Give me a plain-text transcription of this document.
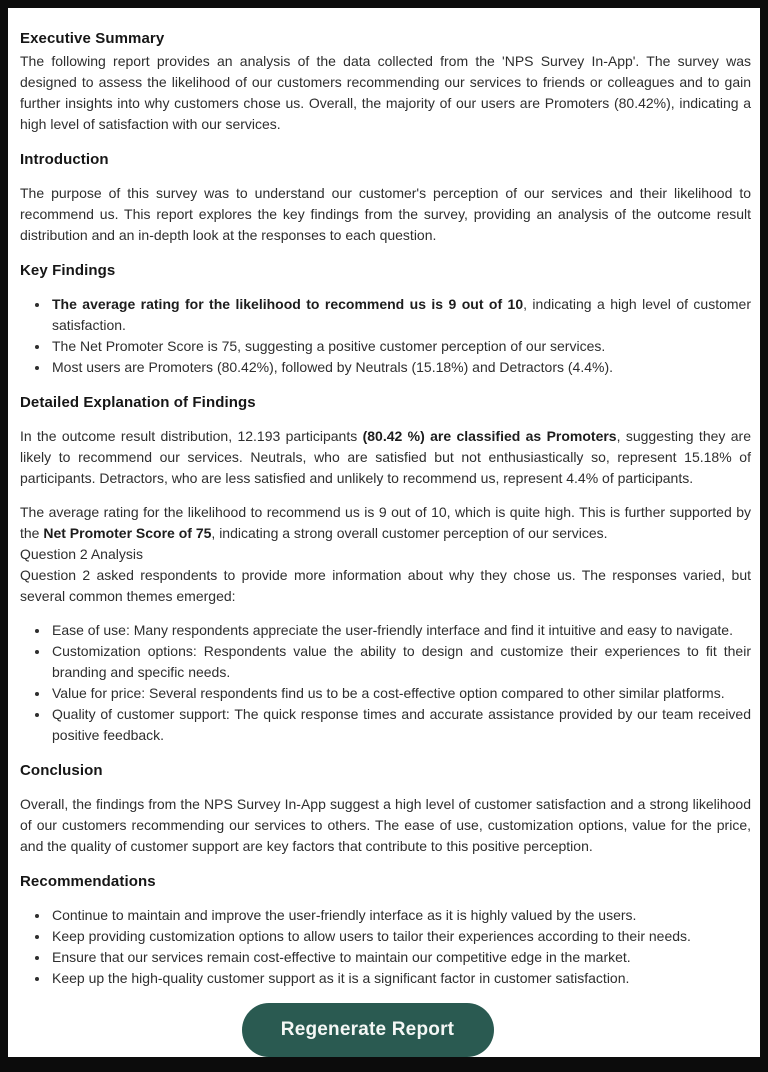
Executive Summary

The following report provides an analysis of the data collected from the 'NPS Survey In-App'. The survey was designed to assess the likelihood of our customers recommending our services to friends or colleagues and to gain further insights into why customers chose us. Overall, the majority of our users are Promoters (80.42%), indicating a high level of satisfaction with our services.

Introduction

The purpose of this survey was to understand our customer's perception of our services and their likelihood to recommend us. This report explores the key findings from the survey, providing an analysis of the outcome result distribution and an in-depth look at the responses to each question.

Key Findings
• The average rating for the likelihood to recommend us is 9 out of 10, indicating a high level of customer satisfaction.
• The Net Promoter Score is 75, suggesting a positive customer perception of our services.
• Most users are Promoters (80.42%), followed by Neutrals (15.18%) and Detractors (4.4%).
Detailed Explanation of Findings

In the outcome result distribution, 12.193 participants (80.42 %) are classified as Promoters, suggesting they are likely to recommend our services. Neutrals, who are satisfied but not enthusiastically so, represent 15.18% of participants. Detractors, who are less satisfied and unlikely to recommend us, represent 4.4% of participants.

The average rating for the likelihood to recommend us is 9 out of 10, which is quite high. This is further supported by the Net Promoter Score of 75, indicating a strong overall customer perception of our services.

Question 2 Analysis

Question 2 asked respondents to provide more information about why they chose us. The responses varied, but several common themes emerged:

• Ease of use: Many respondents appreciate the user-friendly interface and find it intuitive and easy to navigate.
• Customization options: Respondents value the ability to design and customize their experiences to fit their branding and specific needs.
• Value for price: Several respondents find us to be a cost-effective option compared to other similar platforms.
• Quality of customer support: The quick response times and accurate assistance provided by our team received positive feedback.
Conclusion

Overall, the findings from the NPS Survey In-App suggest a high level of customer satisfaction and a strong likelihood of our customers recommending our services to others. The ease of use, customization options, value for the price, and the quality of customer support are key factors that contribute to this positive perception.

Recommendations
• Continue to maintain and improve the user-friendly interface as it is highly valued by the users.
• Keep providing customization options to allow users to tailor their experiences according to their needs.
• Ensure that our services remain cost-effective to maintain our competitive edge in the market.
• Keep up the high-quality customer support as it is a significant factor in customer satisfaction.
Regenerate Report
